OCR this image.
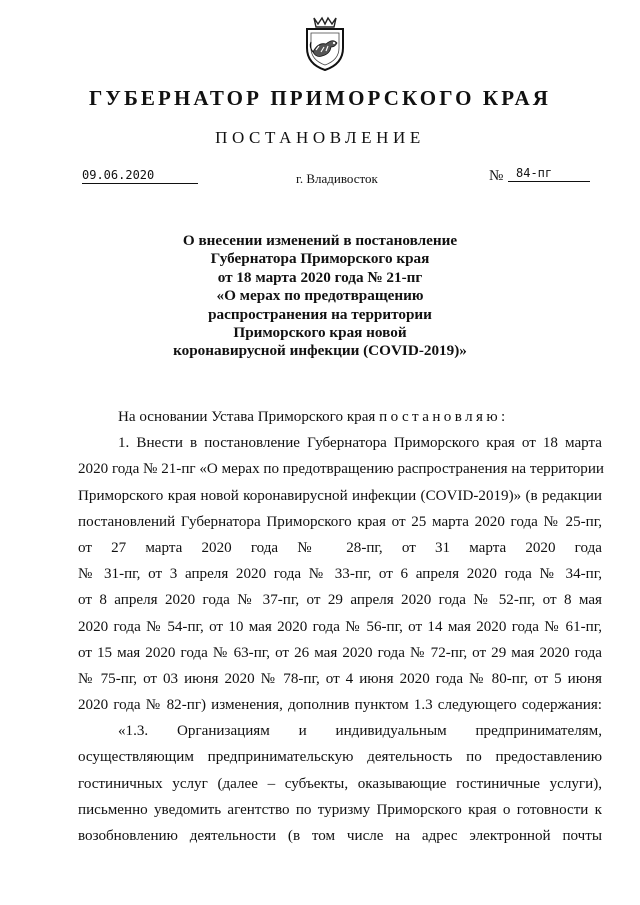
ГУБЕРНАТОР ПРИМОРСКОГО КРАЯ
ПОСТАНОВЛЕНИЕ
09.06.2020	г. Владивосток	№	84-пг
О внесении изменений в постановление
Губернатора Приморского края
от 18 марта 2020 года № 21-пг
«О мерах по предотвращению
распространения на территории
Приморского края новой
коронавирусной инфекции (COVID-2019)»
На основании Устава Приморского края постановляю:
1. Внести в постановление Губернатора Приморского края от 18 марта
2020 года № 21-пг «О мерах по предотвращению распространения на территории
Приморского края новой коронавирусной инфекции (COVID-2019)» (в редакции
постановлений Губернатора Приморского края от 25 марта 2020 года № 25-пг,
от 27 марта 2020 года № 28-пг, от 31 марта 2020 года
№ 31-пг, от 3 апреля 2020 года № 33-пг, от 6 апреля 2020 года № 34-пг,
от 8 апреля 2020 года № 37-пг, от 29 апреля 2020 года № 52-пг, от 8 мая
2020 года № 54-пг, от 10 мая 2020 года № 56-пг, от 14 мая 2020 года № 61-пг,
от 15 мая 2020 года № 63-пг, от 26 мая 2020 года № 72-пг, от 29 мая 2020 года
№ 75-пг, от 03 июня 2020 № 78-пг, от 4 июня 2020 года № 80-пг, от 5 июня
2020 года № 82-пг) изменения, дополнив пунктом 1.3 следующего содержания:
«1.3. Организациям и индивидуальным предпринимателям,
осуществляющим предпринимательскую деятельность по предоставлению
гостиничных услуг (далее – субъекты, оказывающие гостиничные услуги),
письменно уведомить агентство по туризму Приморского края о готовности к
возобновлению деятельности (в том числе на адрес электронной почты
